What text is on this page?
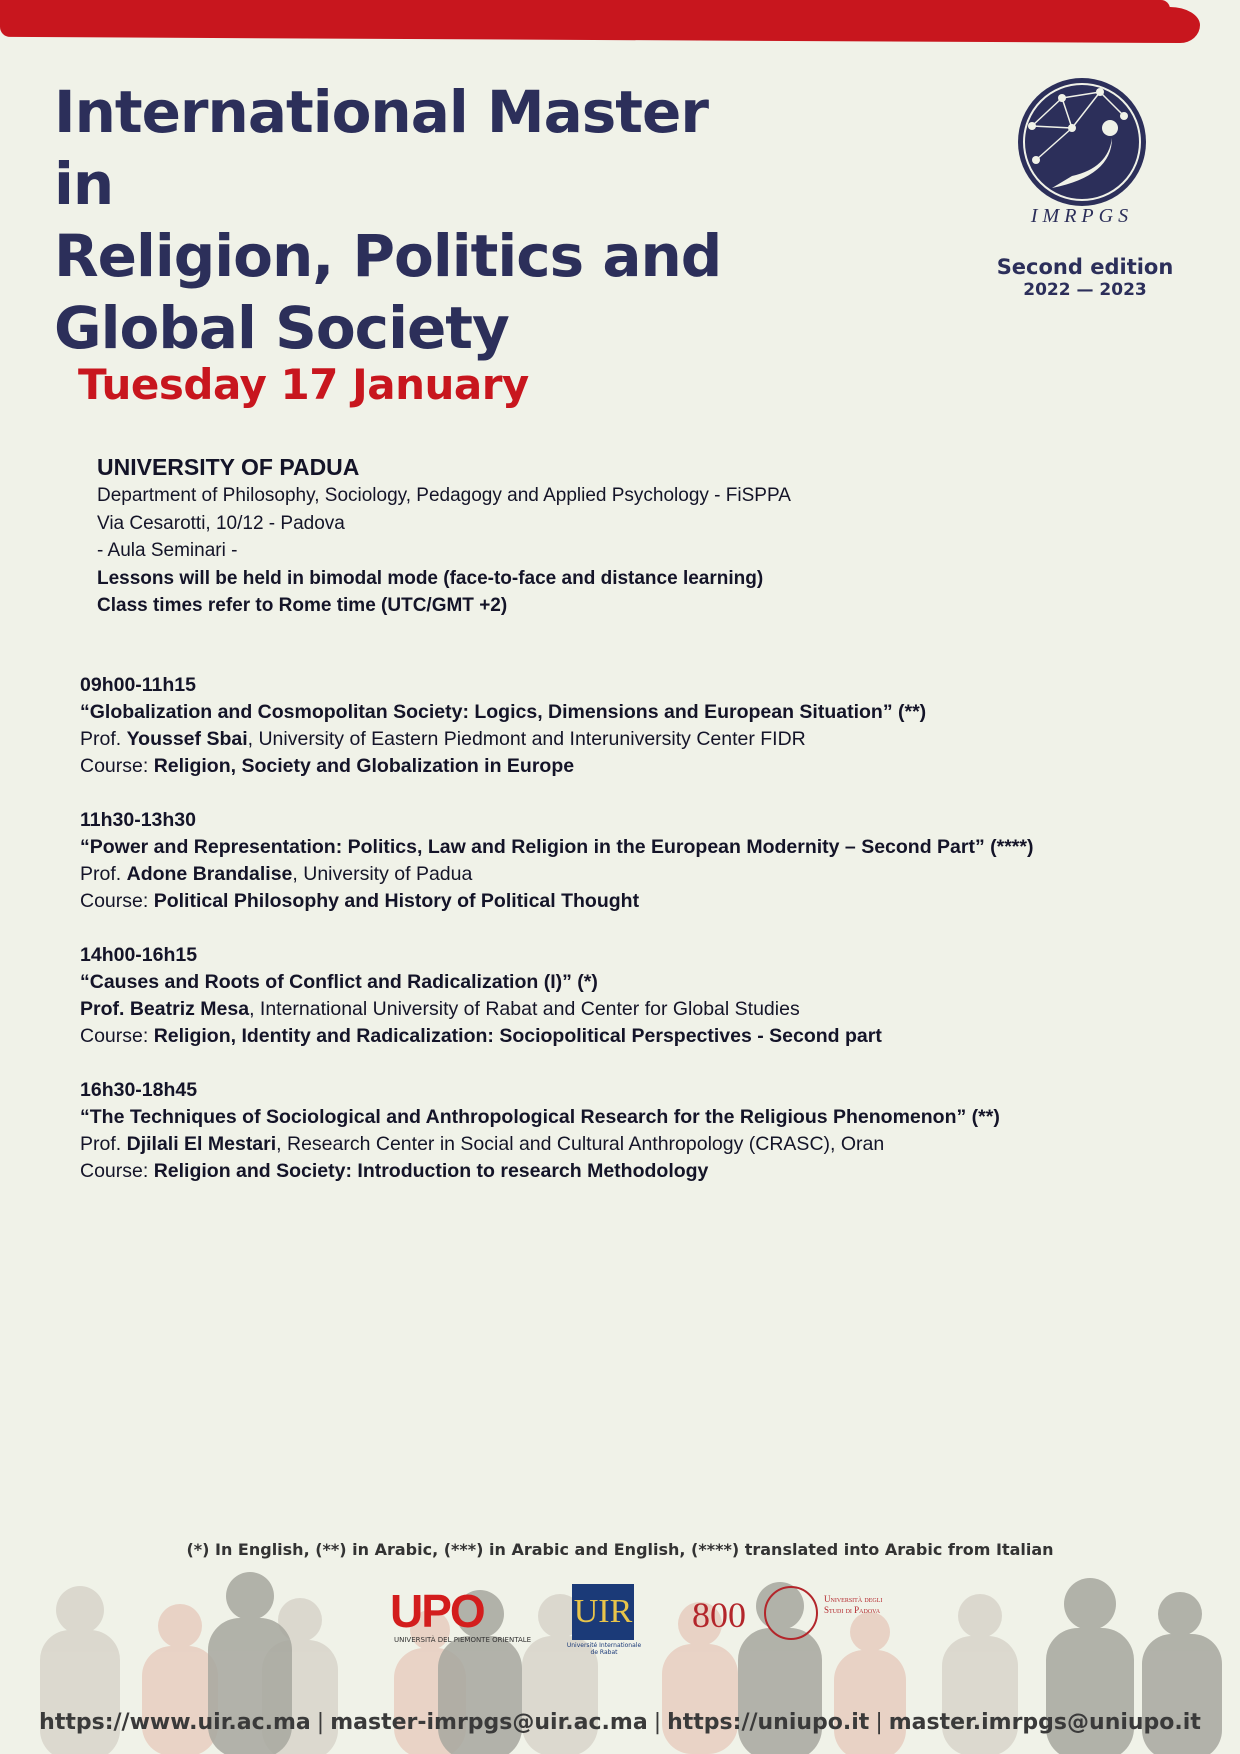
International Master in
Religion, Politics and
Global Society
IMRPGS
Second edition
2022 — 2023
Tuesday 17 January
UNIVERSITY OF PADUA
Department of Philosophy, Sociology, Pedagogy and Applied Psychology - FiSPPA
Via Cesarotti, 10/12 - Padova
- Aula Seminari -
Lessons will be held in bimodal mode (face-to-face and distance learning)
Class times refer to Rome time (UTC/GMT +2)
09h00-11h15
“Globalization and Cosmopolitan Society: Logics, Dimensions and European Situation” (**)
Prof. Youssef Sbai, University of Eastern Piedmont and Interuniversity Center FIDR
Course: Religion, Society and Globalization in Europe
11h30-13h30
“Power and Representation: Politics, Law and Religion in the European Modernity – Second Part” (****)
Prof. Adone Brandalise, University of Padua
Course: Political Philosophy and History of Political Thought
14h00-16h15
“Causes and Roots of Conflict and Radicalization (I)” (*)
Prof. Beatriz Mesa, International University of Rabat and Center for Global Studies
Course: Religion, Identity and Radicalization: Sociopolitical Perspectives - Second part
16h30-18h45
“The Techniques of Sociological and Anthropological Research for the Religious Phenomenon” (**)
Prof. Djilali El Mestari, Research Center in Social and Cultural Anthropology (CRASC), Oran
Course: Religion and Society: Introduction to research Methodology
(*) In English, (**) in Arabic, (***) in Arabic and English, (****) translated into Arabic from Italian
UPO
UNIVERSITÀ DEL PIEMONTE ORIENTALE
UIR
Université Internationale de Rabat
800	Università degli Studi di Padova
https://www.uir.ac.ma | master-imrpgs@uir.ac.ma | https://uniupo.it | master.imrpgs@uniupo.it
